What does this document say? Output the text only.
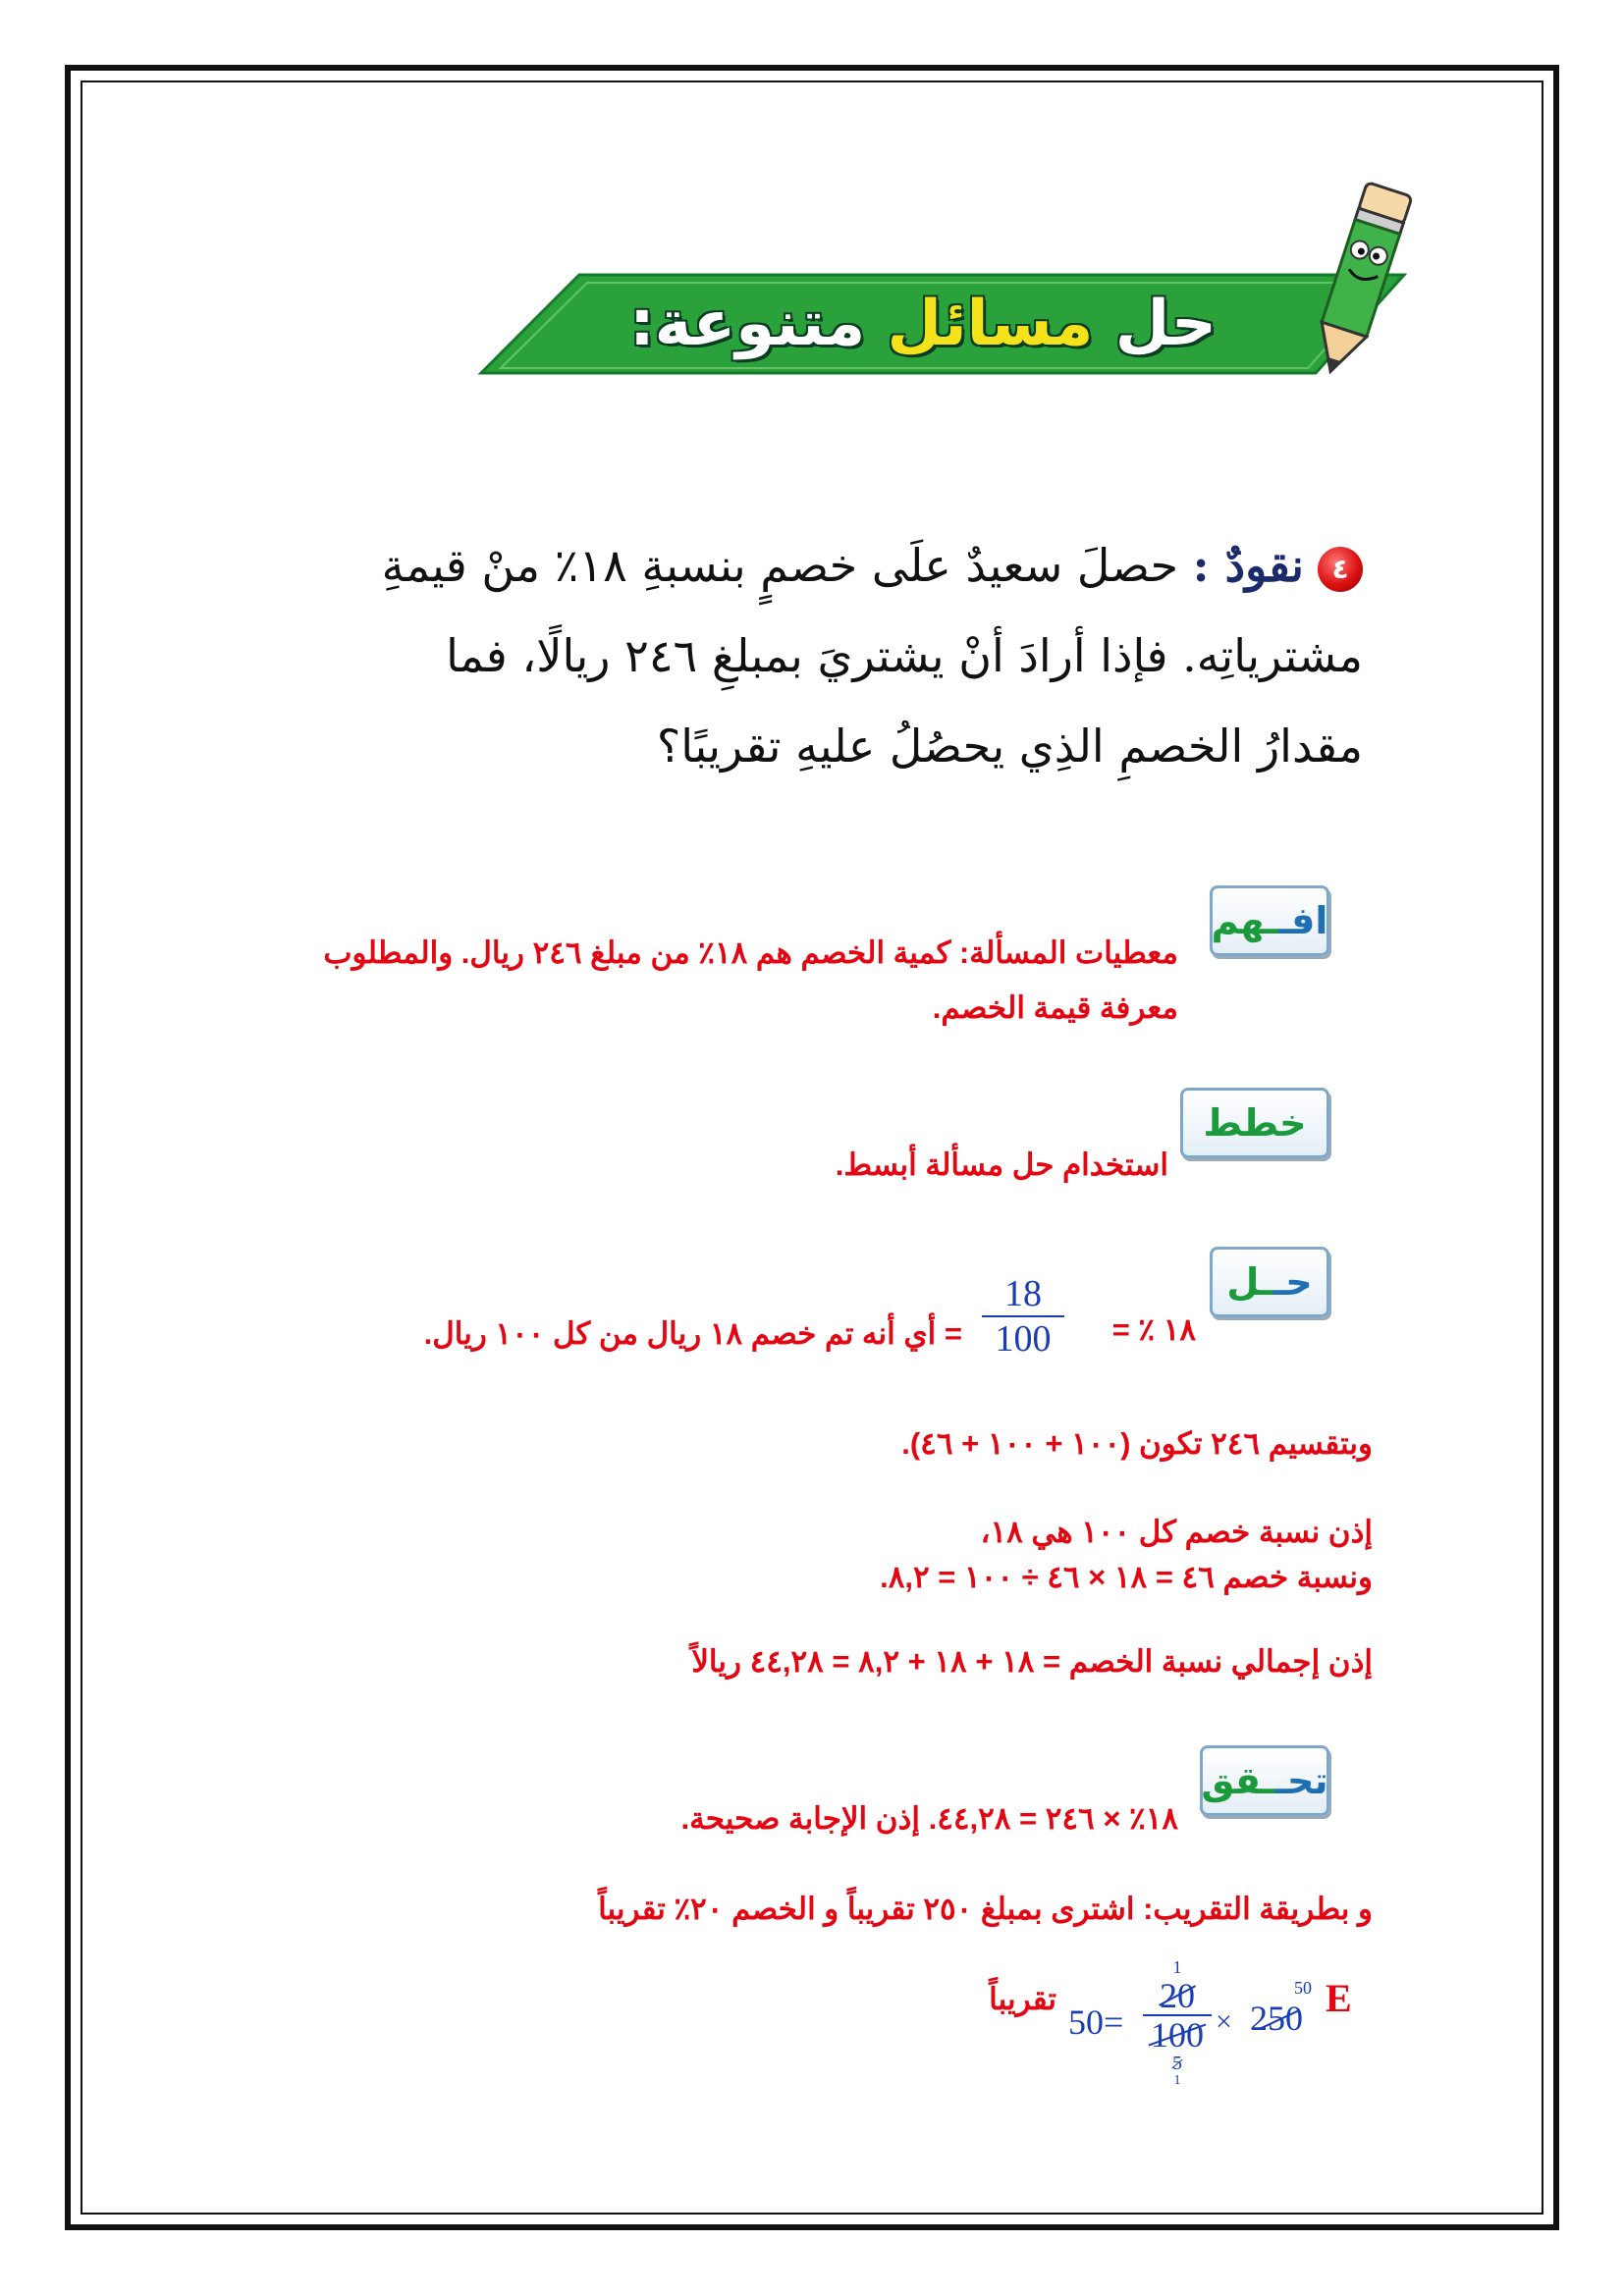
حل

مسائل

متنوعة:
٤نقودٌ : حصلَ سعيدٌ علَى خصمٍ بنسبةِ ١٨٪ منْ قيمةِ
مشترياتِه. فإذا أرادَ أنْ يشتريَ بمبلغِ ٢٤٦ ريالًا، فما
مقدارُ الخصمِ الذِي يحصُلُ عليهِ تقريبًا؟
افـ
ـهم
معطيات المسألة: كمية الخصم هم ١٨٪ من مبلغ ٢٤٦ ريال. والمطلوب
معرفة قيمة الخصم.
خطط
استخدام حل مسألة أبسط.
حـ
ـل
١٨ ٪ =
18
100
= أي أنه تم خصم ١٨ ريال من كل ١٠٠ ريال.
وبتقسيم ٢٤٦ تكون (١٠٠ + ١٠٠ + ٤٦).
إذن نسبة خصم كل ١٠٠ هي ١٨،
ونسبة خصم ٤٦ = ١٨ × ٤٦ ÷ ١٠٠ = ٨,٢.
إذن إجمالي نسبة الخصم = ١٨ + ١٨ + ٨,٢ = ٤٤,٢٨ ريالاً
تحـ
ـقق
١٨٪ × ٢٤٦ = ٤٤,٢٨. إذن الإجابة صحيحة.
و بطريقة التقريب: اشترى بمبلغ ٢٥٠ تقريباً و الخصم ٢٠٪ تقريباً
E
تقريباً
50=
1
20
100
5
1
×
50
250
